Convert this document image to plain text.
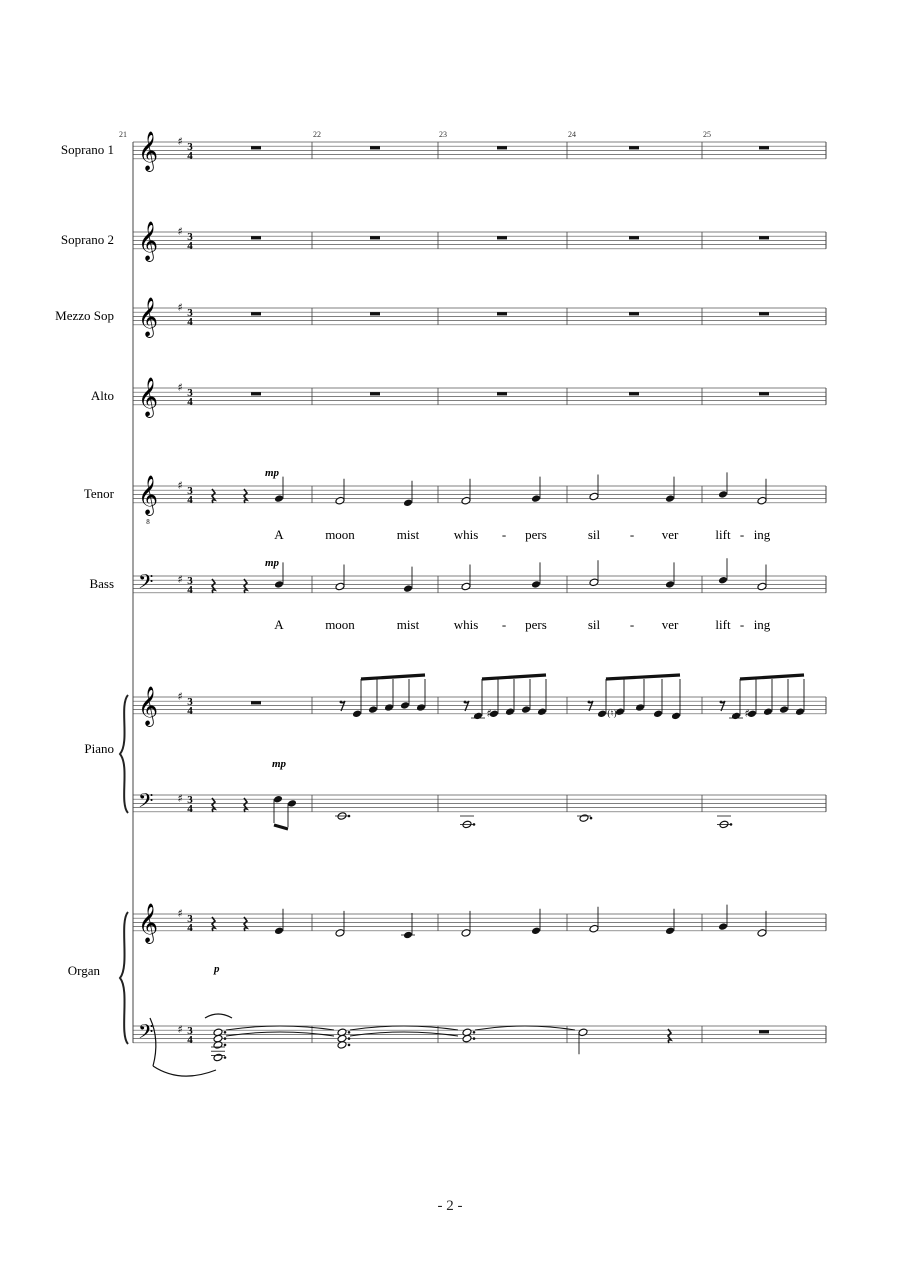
𝄞 ♯
𝄞 ♯
𝄞 ♯
𝄞 ♯
𝄞 ♯
𝄞 ♯
𝄞 ♯
𝄢 ♯
𝄢 ♯
𝄢 ♯
8
♯	♯
(♮)
Soprano 1
Soprano 2
Mezzo Sop
Alto
Tenor
Bass
Piano
Organ
21	22	23	24	25
3
4
3
4
3
4
3
4
3
4
3
4
3
4
3
4
3
4
3
4
mp
mp
A	moon	mist	whis - pers	sil - ver	lift - ing
A	moon	mist	whis - pers	sil - ver	lift - ing
mp
p
- 2 -
